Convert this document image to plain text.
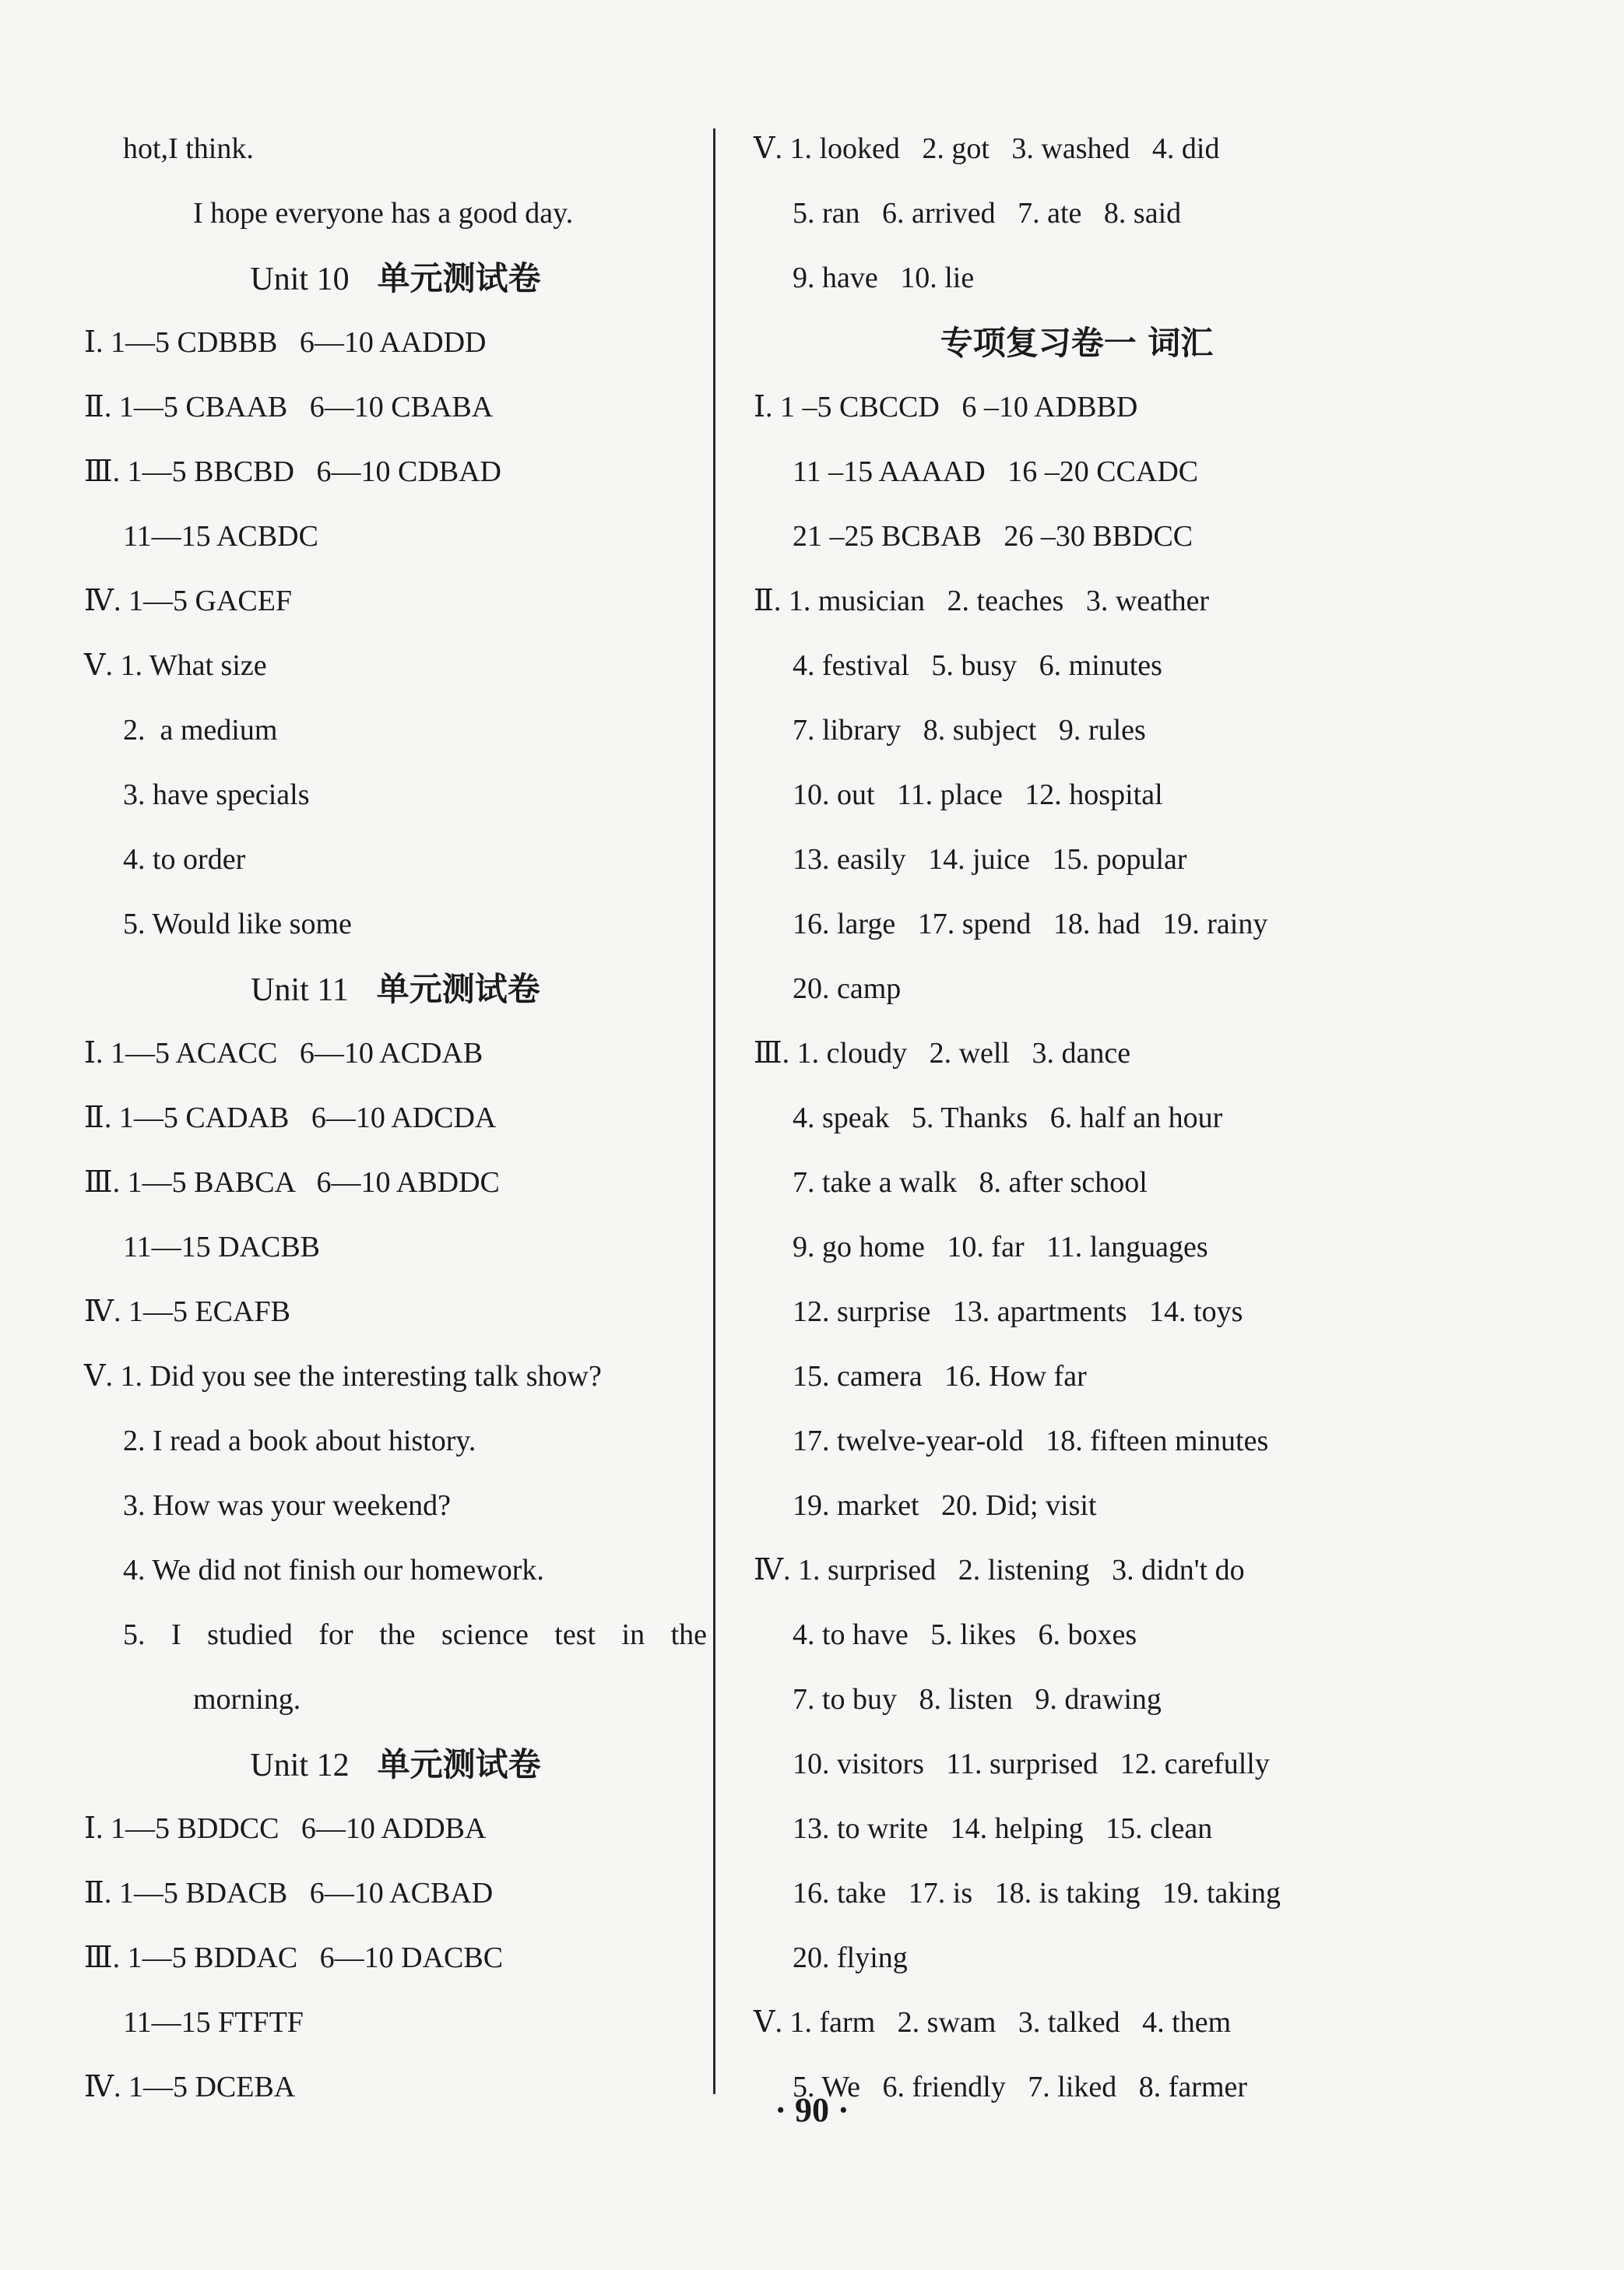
hot,I think.
I hope everyone has a good day.
Unit 10 单元测试卷
Ⅰ. 1—5 CDBBB   6—10 AADDD
Ⅱ. 1—5 CBAAB   6—10 CBABA
Ⅲ. 1—5 BBCBD   6—10 CDBAD
11—15 ACBDC
Ⅳ. 1—5 GACEF
Ⅴ. 1. What size
2.  a medium
3. have specials
4. to order
5. Would like some
Unit 11 单元测试卷
Ⅰ. 1—5 ACACC   6—10 ACDAB
Ⅱ. 1—5 CADAB   6—10 ADCDA
Ⅲ. 1—5 BABCA   6—10 ABDDC
11—15 DACBB
Ⅳ. 1—5 ECAFB
Ⅴ. 1. Did you see the interesting talk show?
2. I read a book about history.
3. How was your weekend?
4. We did not finish our homework.
5. I studied for the science test in the
morning.
Unit 12 单元测试卷
Ⅰ. 1—5 BDDCC   6—10 ADDBA
Ⅱ. 1—5 BDACB   6—10 ACBAD
Ⅲ. 1—5 BDDAC   6—10 DACBC
11—15 FTFTF
Ⅳ. 1—5 DCEBA
Ⅴ. 1. looked   2. got   3. washed   4. did
5. ran   6. arrived   7. ate   8. said
9. have   10. lie
专项复习卷一 词汇
Ⅰ. 1 –5 CBCCD   6 –10 ADBBD
11 –15 AAAAD   16 –20 CCADC
21 –25 BCBAB   26 –30 BBDCC
Ⅱ. 1. musician   2. teaches   3. weather
4. festival   5. busy   6. minutes
7. library   8. subject   9. rules
10. out   11. place   12. hospital
13. easily   14. juice   15. popular
16. large   17. spend   18. had   19. rainy
20. camp
Ⅲ. 1. cloudy   2. well   3. dance
4. speak   5. Thanks   6. half an hour
7. take a walk   8. after school
9. go home   10. far   11. languages
12. surprise   13. apartments   14. toys
15. camera   16. How far
17. twelve-year-old   18. fifteen minutes
19. market   20. Did; visit
Ⅳ. 1. surprised   2. listening   3. didn't do
4. to have   5. likes   6. boxes
7. to buy   8. listen   9. drawing
10. visitors   11. surprised   12. carefully
13. to write   14. helping   15. clean
16. take   17. is   18. is taking   19. taking
20. flying
Ⅴ. 1. farm   2. swam   3. talked   4. them
5. We   6. friendly   7. liked   8. farmer
· 90 ·
